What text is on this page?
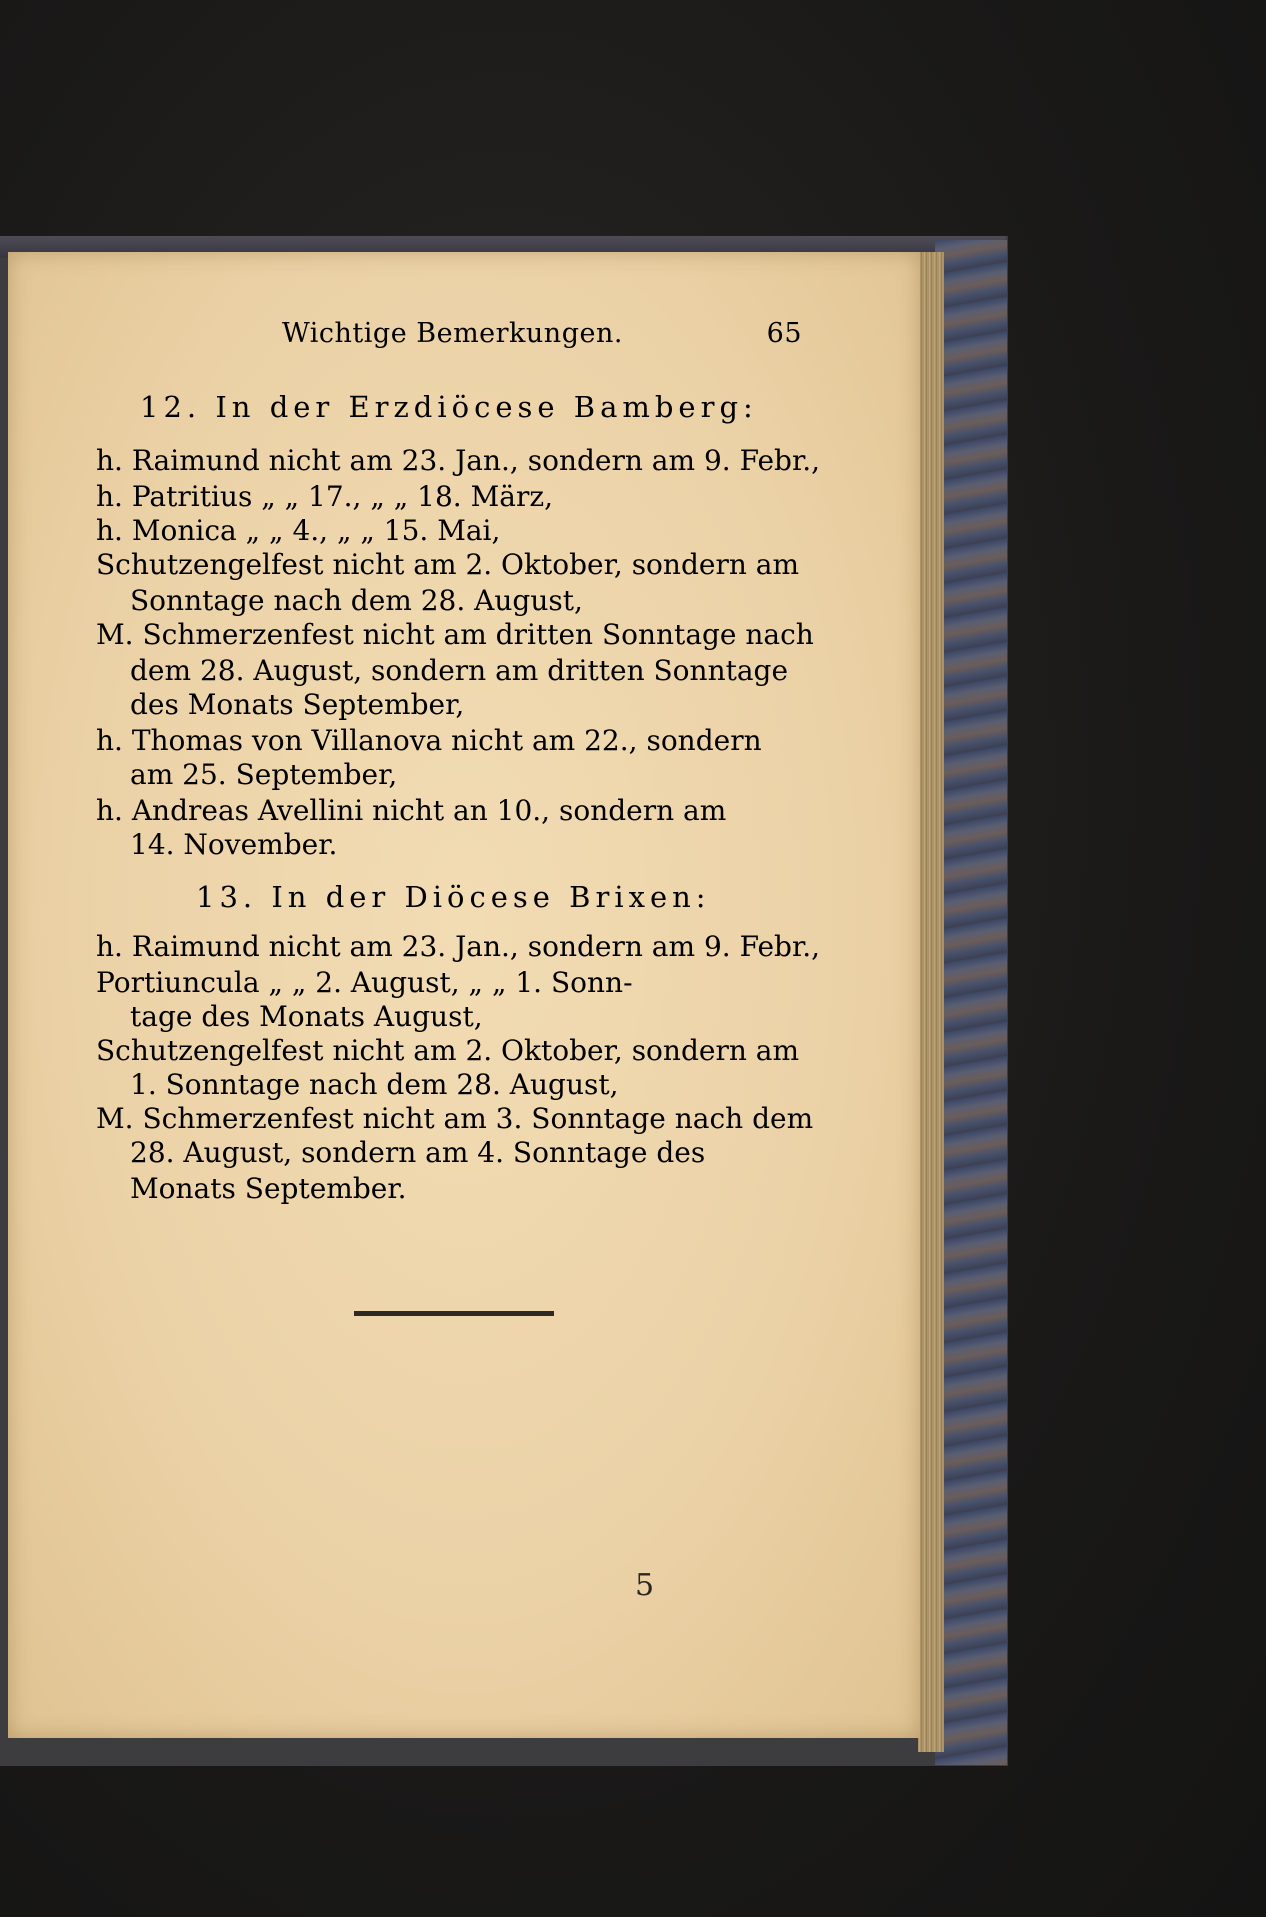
Wichtige Bemerkungen.	65
12. In der Erzdiöcese Bamberg:
h. Raimund nicht am 23. Jan., sondern am 9. Febr.,
h. Patritius „ „ 17., „ „ 18. März,
h. Monica „ „ 4., „ „ 15. Mai,
Schutzengelfest nicht am 2. Oktober, sondern am
Sonntage nach dem 28. August,
M. Schmerzenfest nicht am dritten Sonntage nach
dem 28. August, sondern am dritten Sonntage
des Monats September,
h. Thomas von Villanova nicht am 22., sondern
am 25. September,
h. Andreas Avellini nicht an 10., sondern am
14. November.
13. In der Diöcese Brixen:
h. Raimund nicht am 23. Jan., sondern am 9. Febr.,
Portiuncula „ „ 2. August, „ „ 1. Sonn-
tage des Monats August,
Schutzengelfest nicht am 2. Oktober, sondern am
1. Sonntage nach dem 28. August,
M. Schmerzenfest nicht am 3. Sonntage nach dem
28. August, sondern am 4. Sonntage des
Monats September.
5
